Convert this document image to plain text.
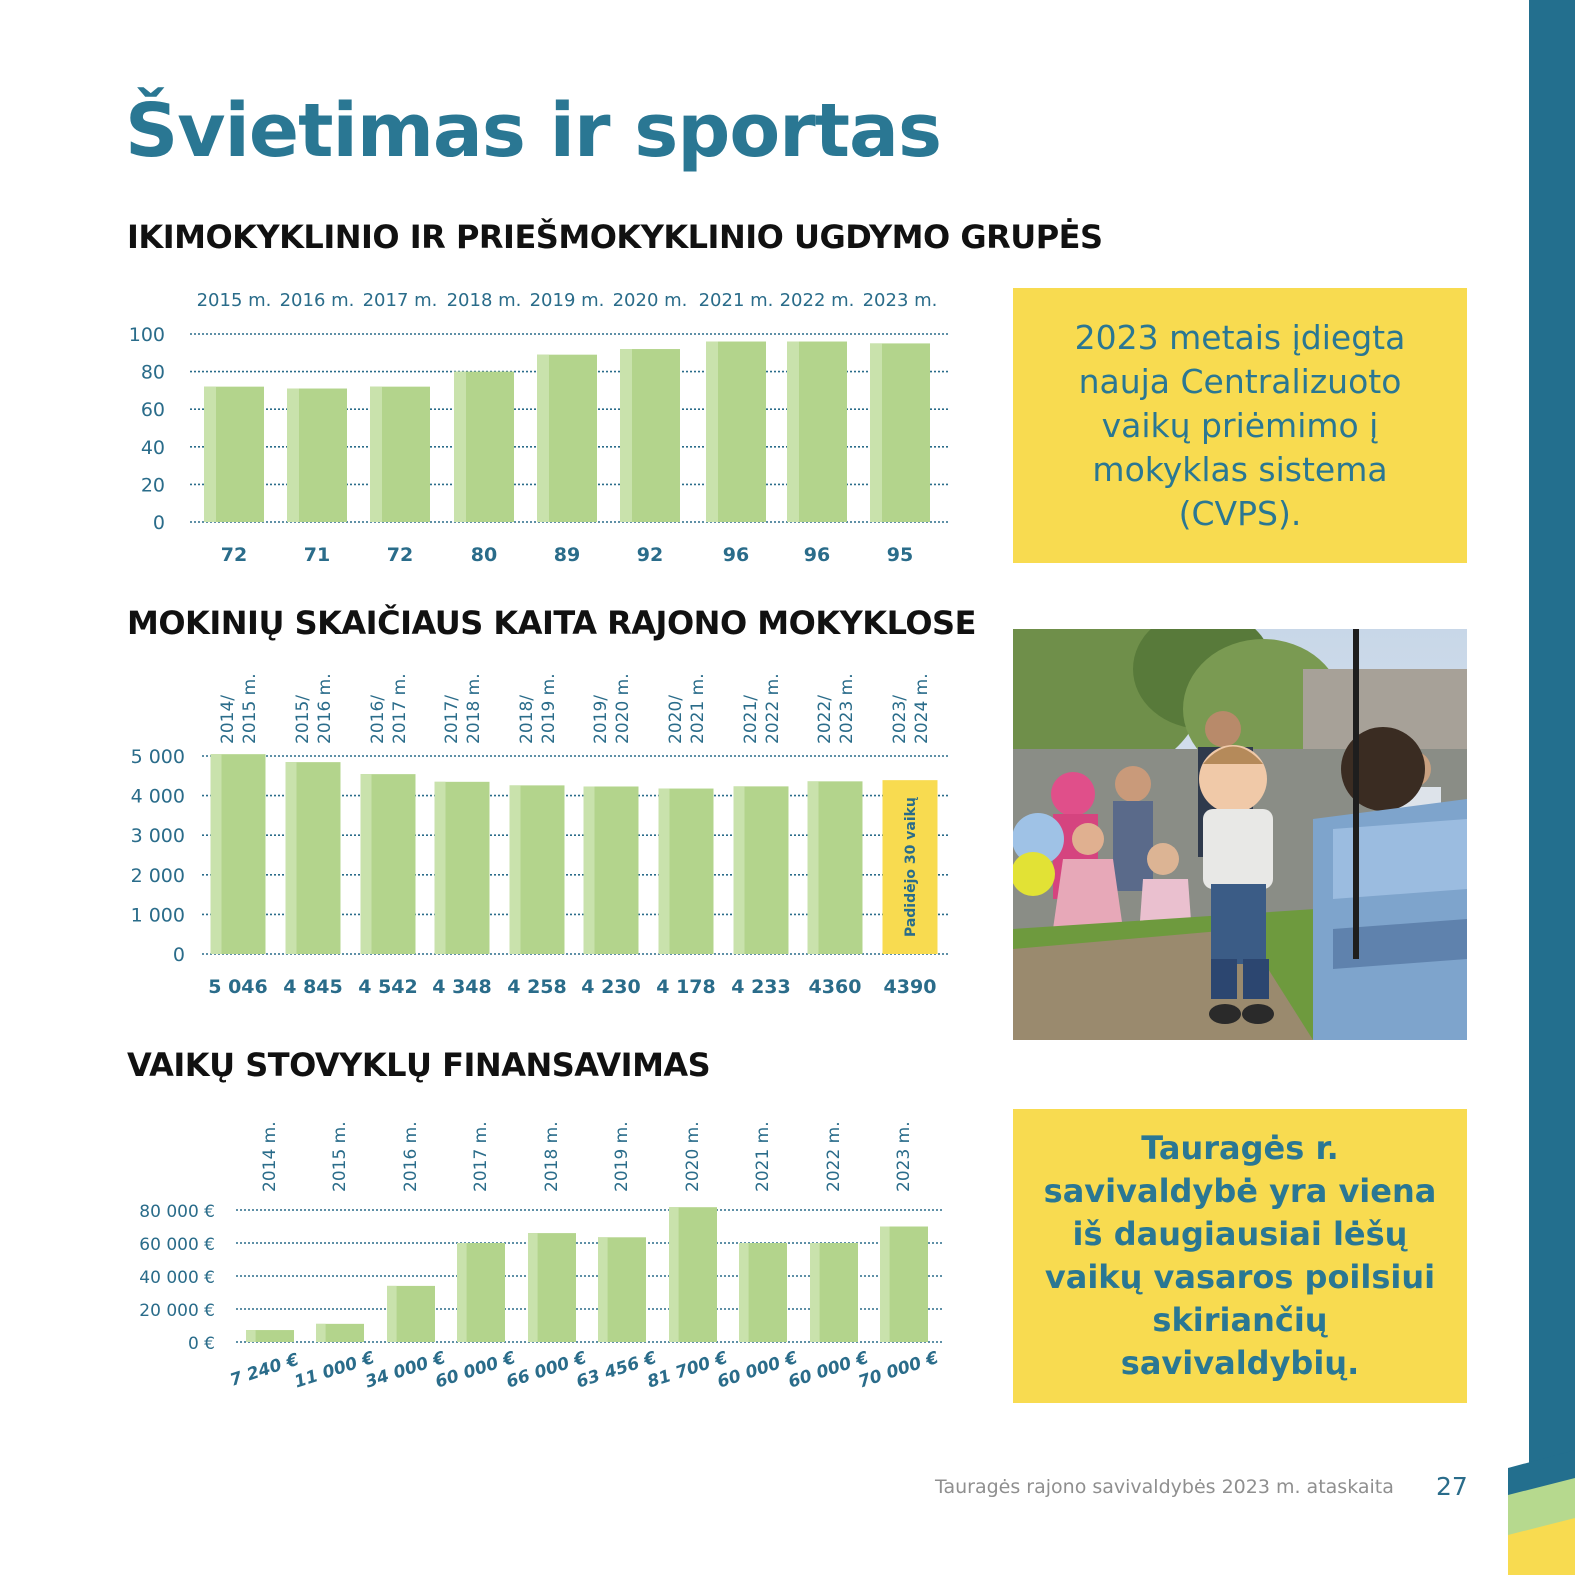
Švietimas ir sportas
IKIMOKYKLINIO IR PRIEŠMOKYKLINIO UGDYMO GRUPĖS
MOKINIŲ SKAIČIAUS KAITA RAJONO MOKYKLOSE
VAIKŲ STOVYKLŲ FINANSAVIMAS
0
20
40
60
80
100
2015 m.
72
2016 m.
71
2017 m.
72
2018 m.
80
2019 m.
89
2020 m.
92
2021 m.
96
2022 m.
96
2023 m.
95
0
1 000
2 000
3 000
4 000
5 000
2014/ 2015 m.
5 046
2015/ 2016 m.
4 845
2016/ 2017 m.
4 542
2017/ 2018 m.
4 348
2018/ 2019 m.
4 258
2019/ 2020 m.
4 230
2020/ 2021 m.
4 178
2021/ 2022 m.
4 233
2022/ 2023 m.
4360
Padidėjo 30 vaikų
2023/ 2024 m.
4390
0 €
20 000 €
40 000 €
60 000 €
80 000 €
2014 m.
7 240 €
2015 m.
11 000 €
2016 m.
34 000 €
2017 m.
60 000 €
2018 m.
66 000 €
2019 m.
63 456 €
2020 m.
81 700 €
2021 m.
60 000 €
2022 m.
60 000 €
2023 m.
70 000 €
2023 metais įdiegta nauja Centralizuoto vaikų priėmimo į mokyklas sistema (CVPS).
Tauragės r. savivaldybė yra viena iš daugiausiai lėšų vaikų vasaros poilsiui skiriančių savivaldybių.
Tauragės rajono savivaldybės 2023 m. ataskaita 27
